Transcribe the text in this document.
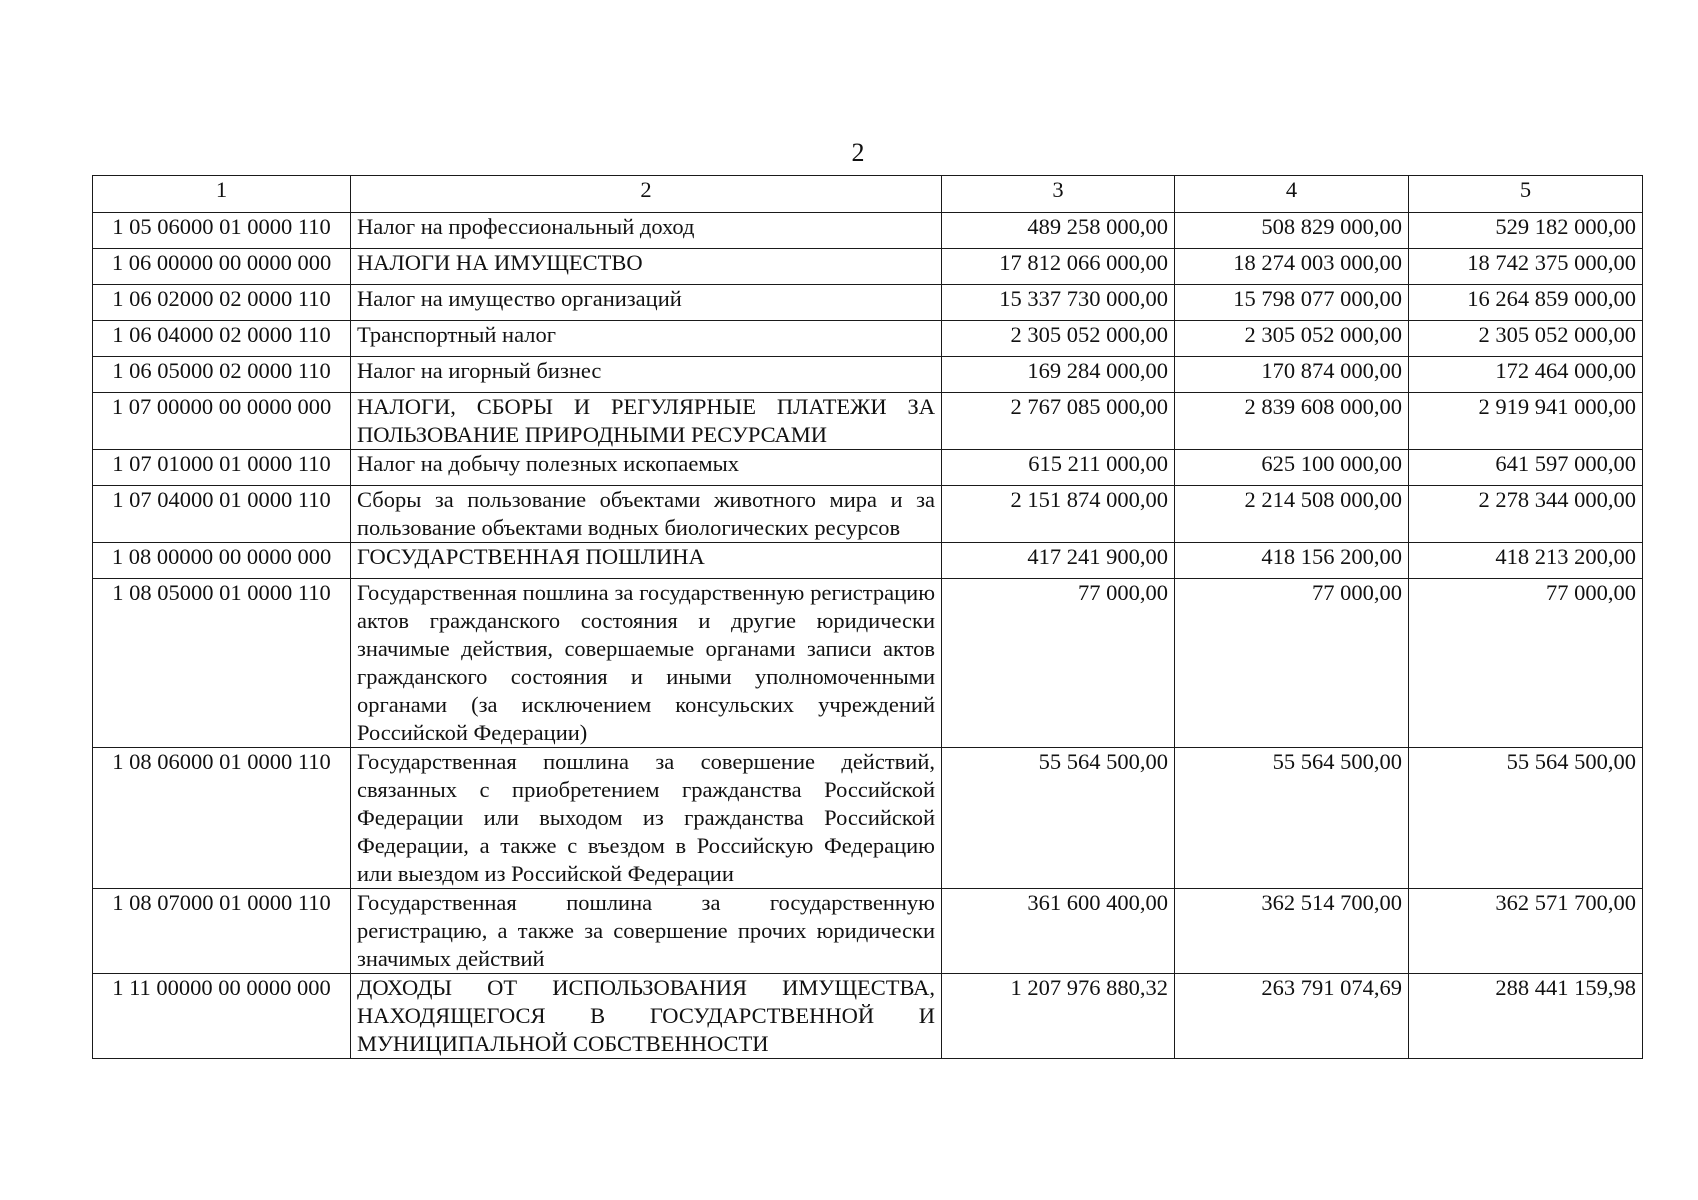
2
1	2	3	4	5
1 05 06000 01 0000 110	Налог на профессиональный доход	489 258 000,00	508 829 000,00	529 182 000,00
1 06 00000 00 0000 000	НАЛОГИ НА ИМУЩЕСТВО	17 812 066 000,00	18 274 003 000,00	18 742 375 000,00
1 06 02000 02 0000 110	Налог на имущество организаций	15 337 730 000,00	15 798 077 000,00	16 264 859 000,00
1 06 04000 02 0000 110	Транспортный налог	2 305 052 000,00	2 305 052 000,00	2 305 052 000,00
1 06 05000 02 0000 110	Налог на игорный бизнес	169 284 000,00	170 874 000,00	172 464 000,00
1 07 00000 00 0000 000	НАЛОГИ, СБОРЫ И РЕГУЛЯРНЫЕ ПЛАТЕЖИ ЗА ПОЛЬЗОВАНИЕ ПРИРОДНЫМИ РЕСУРСАМИ	2 767 085 000,00	2 839 608 000,00	2 919 941 000,00
1 07 01000 01 0000 110	Налог на добычу полезных ископаемых	615 211 000,00	625 100 000,00	641 597 000,00
1 07 04000 01 0000 110	Сборы за пользование объектами животного мира и за пользование объектами водных биологических ресурсов	2 151 874 000,00	2 214 508 000,00	2 278 344 000,00
1 08 00000 00 0000 000	ГОСУДАРСТВЕННАЯ ПОШЛИНА	417 241 900,00	418 156 200,00	418 213 200,00
1 08 05000 01 0000 110	Государственная пошлина за государственную регистрацию актов гражданского состояния и другие юридически значимые действия, совершаемые органами записи актов гражданского состояния и иными уполномоченными органами (за исключением консульских учреждений Российской Федерации)	77 000,00	77 000,00	77 000,00
1 08 06000 01 0000 110	Государственная пошлина за совершение действий, связанных с приобретением гражданства Российской Федерации или выходом из гражданства Российской Федерации, а также с въездом в Российскую Федерацию или выездом из Российской Федерации	55 564 500,00	55 564 500,00	55 564 500,00
1 08 07000 01 0000 110	Государственная пошлина за государственную регистрацию, а также за совершение прочих юридически значимых действий	361 600 400,00	362 514 700,00	362 571 700,00
1 11 00000 00 0000 000	ДОХОДЫ ОТ ИСПОЛЬЗОВАНИЯ ИМУЩЕСТВА, НАХОДЯЩЕГОСЯ В ГОСУДАРСТВЕННОЙ И МУНИЦИПАЛЬНОЙ СОБСТВЕННОСТИ	1 207 976 880,32	263 791 074,69	288 441 159,98
